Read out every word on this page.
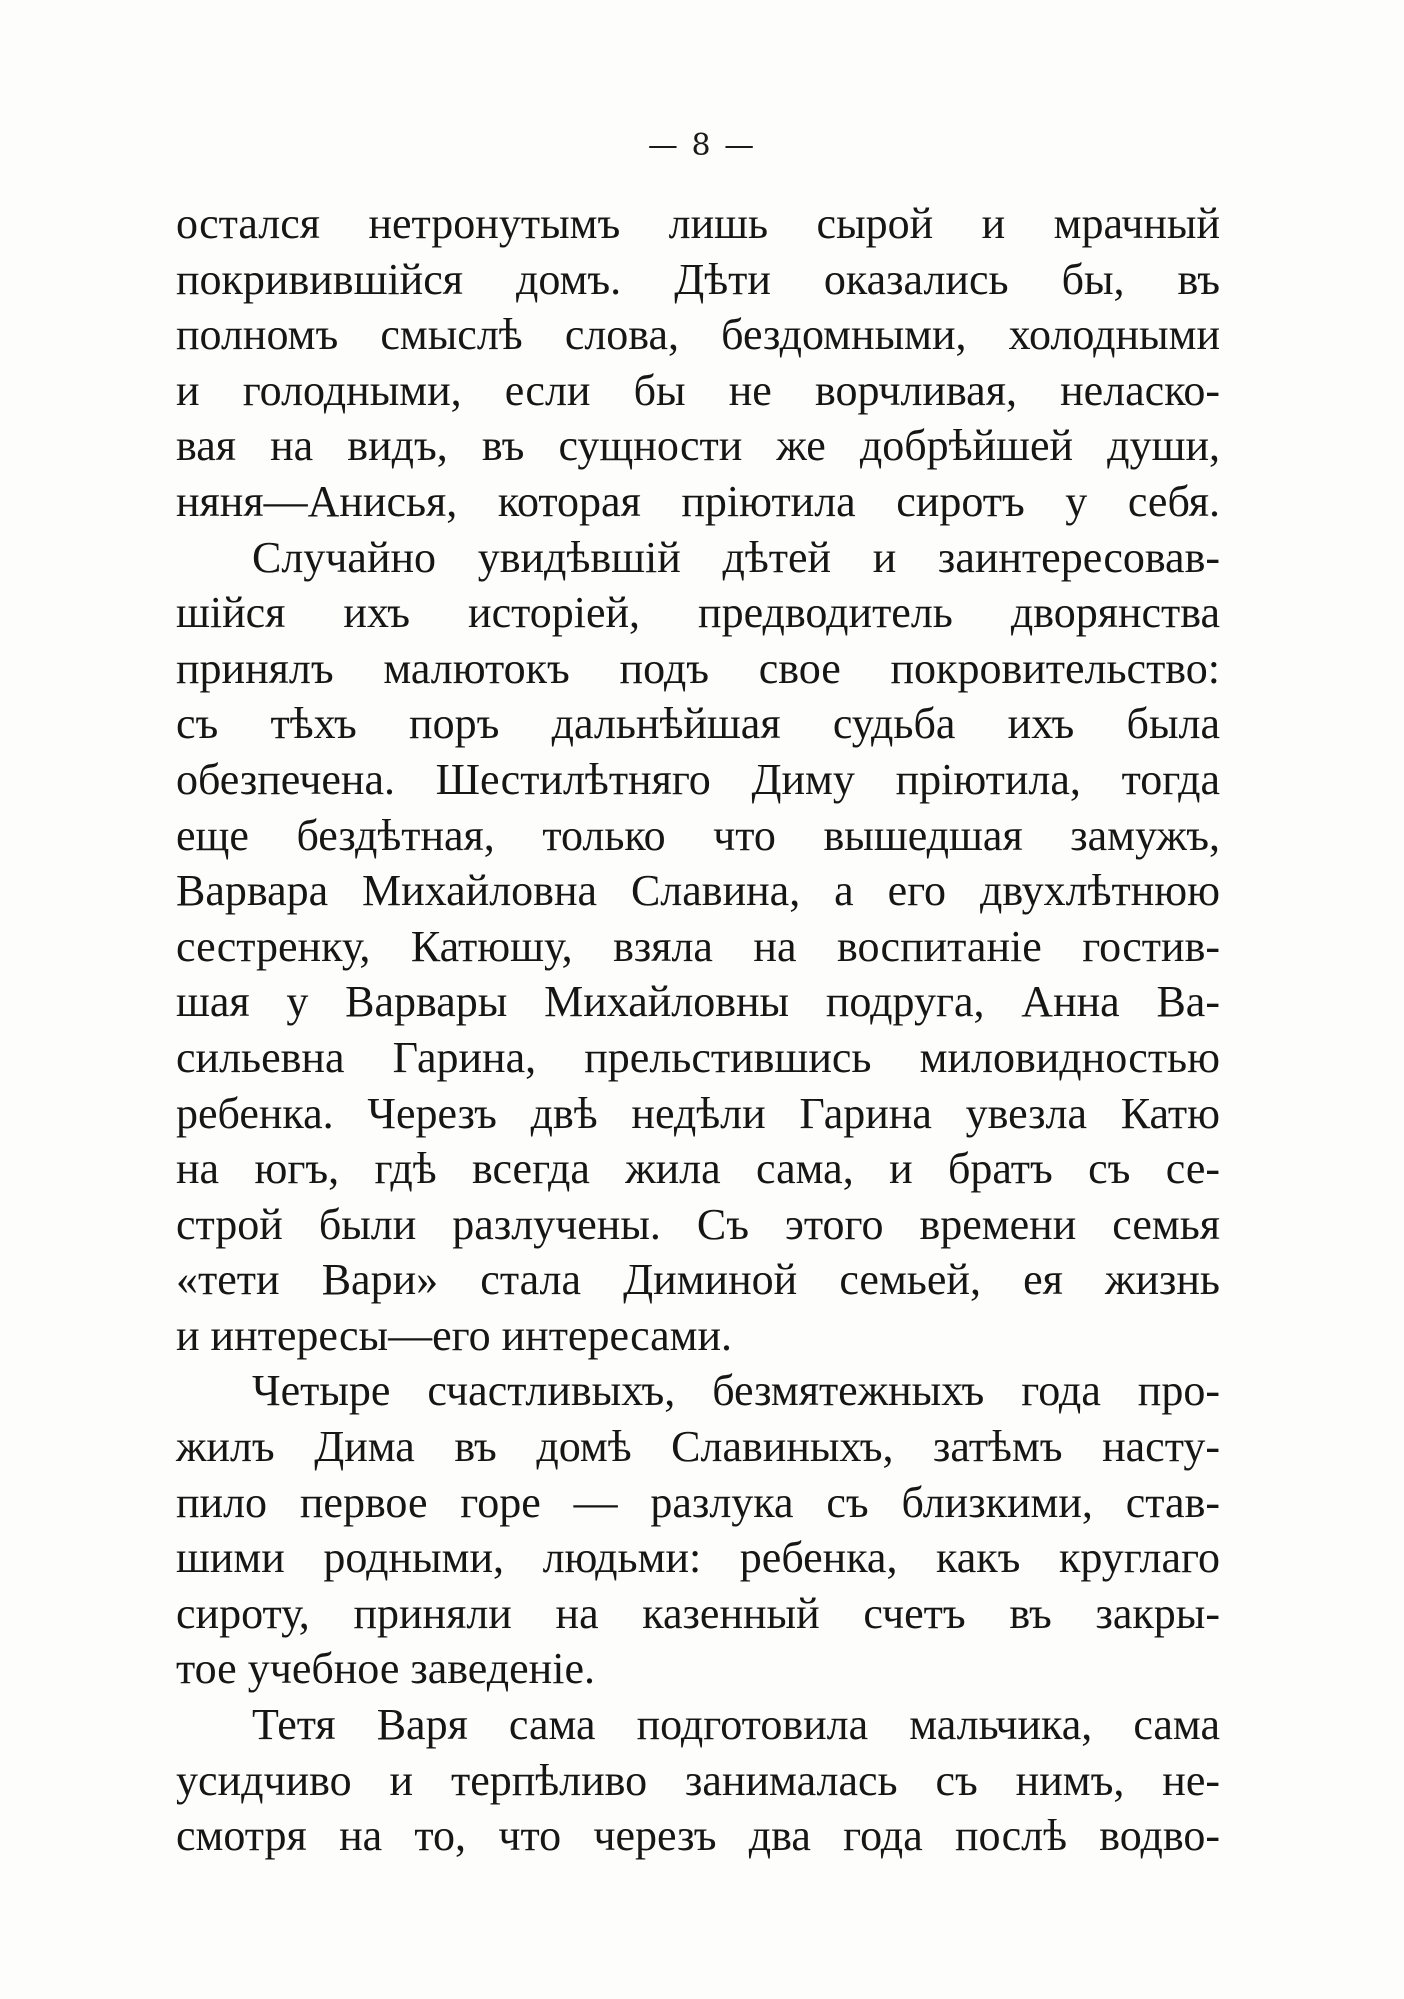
— 8 —
остался нетронутымъ лишь сырой и мрачный
покривившійся домъ. Дѣти оказались бы, въ
полномъ смыслѣ слова, бездомными, холодными
и голодными, если бы не ворчливая, неласко-
вая на видъ, въ сущности же добрѣйшей души,
няня—Анисья, которая пріютила сиротъ у себя.
Случайно увидѣвшій дѣтей и заинтересовав-
шійся ихъ исторіей, предводитель дворянства
принялъ малютокъ подъ свое покровительство:
съ тѣхъ поръ дальнѣйшая судьба ихъ была
обезпечена. Шестилѣтняго Диму пріютила, тогда
еще бездѣтная, только что вышедшая замужъ,
Варвара Михайловна Славина, а его двухлѣтнюю
сестренку, Катюшу, взяла на воспитаніе гостив-
шая у Варвары Михайловны подруга, Анна Ва-
сильевна Гарина, прельстившись миловидностью
ребенка. Черезъ двѣ недѣли Гарина увезла Катю
на югъ, гдѣ всегда жила сама, и братъ съ се-
строй были разлучены. Съ этого времени семья
«тети Вари» стала Диминой семьей, ея жизнь
и интересы—его интересами.
Четыре счастливыхъ, безмятежныхъ года про-
жилъ Дима въ домѣ Славиныхъ, затѣмъ насту-
пило первое горе — разлука съ близкими, став-
шими родными, людьми: ребенка, какъ круглаго
сироту, приняли на казенный счетъ въ закры-
тое учебное заведеніе.
Тетя Варя сама подготовила мальчика, сама
усидчиво и терпѣливо занималась съ нимъ, не-
смотря на то, что черезъ два года послѣ водво-
